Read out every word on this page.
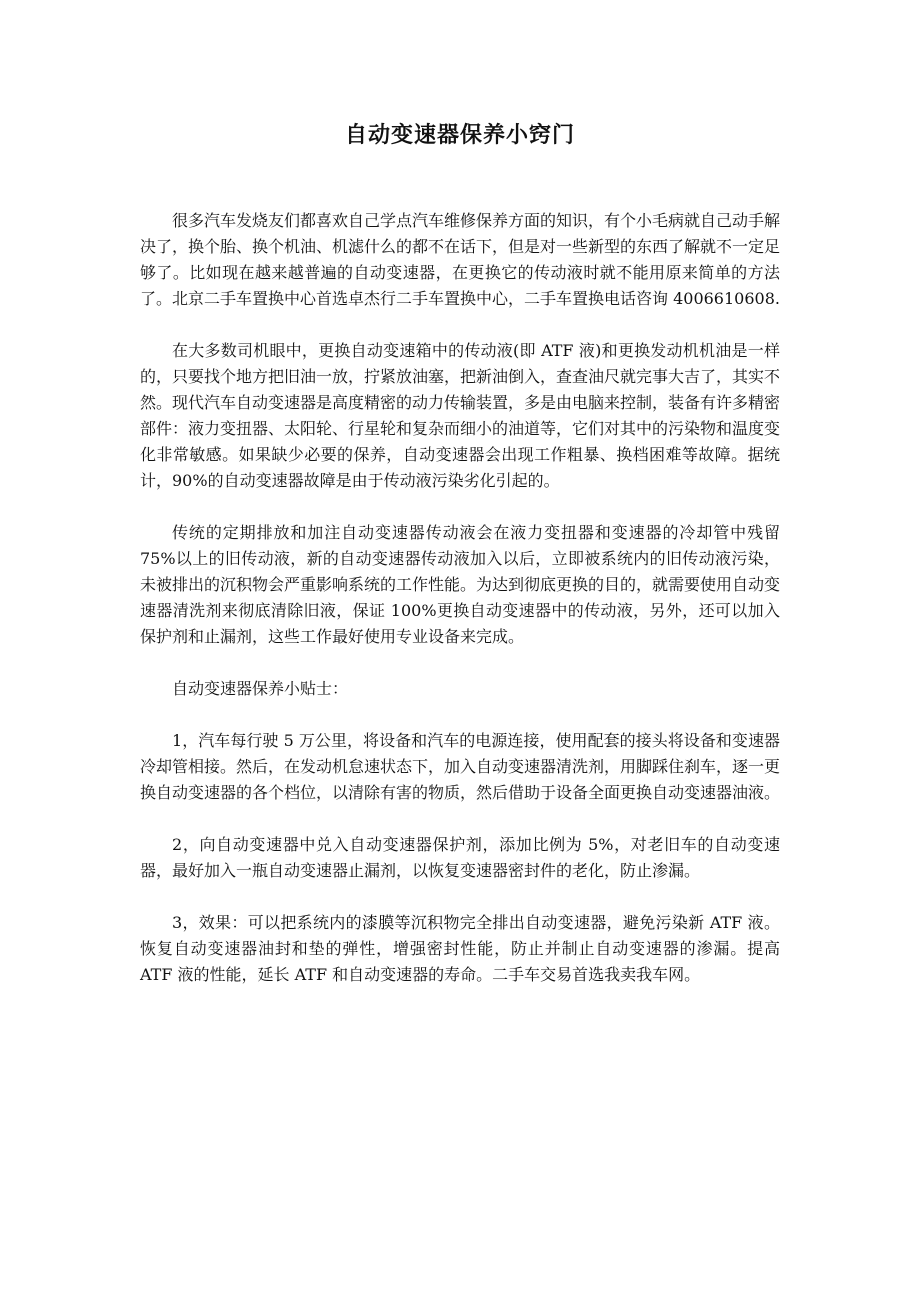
自动变速器保养小窍门

很多汽车发烧友们都喜欢自己学点汽车维修保养方面的知识，有个小毛病就自己动手解决了，换个胎、换个机油、机滤什么的都不在话下，但是对一些新型的东西了解就不一定足够了。比如现在越来越普遍的自动变速器，在更换它的传动液时就不能用原来简单的方法了。北京二手车置换中心首选卓杰行二手车置换中心，二手车置换电话咨询 4006610608.

在大多数司机眼中，更换自动变速箱中的传动液(即 ATF 液)和更换发动机机油是一样的，只要找个地方把旧油一放，拧紧放油塞，把新油倒入，查查油尺就完事大吉了，其实不然。现代汽车自动变速器是高度精密的动力传输装置，多是由电脑来控制，装备有许多精密部件：液力变扭器、太阳轮、行星轮和复杂而细小的油道等，它们对其中的污染物和温度变化非常敏感。如果缺少必要的保养，自动变速器会出现工作粗暴、换档困难等故障。据统计，90%的自动变速器故障是由于传动液污染劣化引起的。

传统的定期排放和加注自动变速器传动液会在液力变扭器和变速器的冷却管中残留 75%以上的旧传动液，新的自动变速器传动液加入以后，立即被系统内的旧传动液污染，未被排出的沉积物会严重影响系统的工作性能。为达到彻底更换的目的，就需要使用自动变速器清洗剂来彻底清除旧液，保证 100%更换自动变速器中的传动液，另外，还可以加入保护剂和止漏剂，这些工作最好使用专业设备来完成。

自动变速器保养小贴士：

1，汽车每行驶 5 万公里，将设备和汽车的电源连接，使用配套的接头将设备和变速器冷却管相接。然后，在发动机怠速状态下，加入自动变速器清洗剂，用脚踩住刹车，逐一更换自动变速器的各个档位，以清除有害的物质，然后借助于设备全面更换自动变速器油液。

2，向自动变速器中兑入自动变速器保护剂，添加比例为 5%，对老旧车的自动变速器，最好加入一瓶自动变速器止漏剂，以恢复变速器密封件的老化，防止渗漏。

3，效果：可以把系统内的漆膜等沉积物完全排出自动变速器，避免污染新 ATF 液。恢复自动变速器油封和垫的弹性，增强密封性能，防止并制止自动变速器的渗漏。提高 ATF 液的性能，延长 ATF 和自动变速器的寿命。二手车交易首选我卖我车网。
